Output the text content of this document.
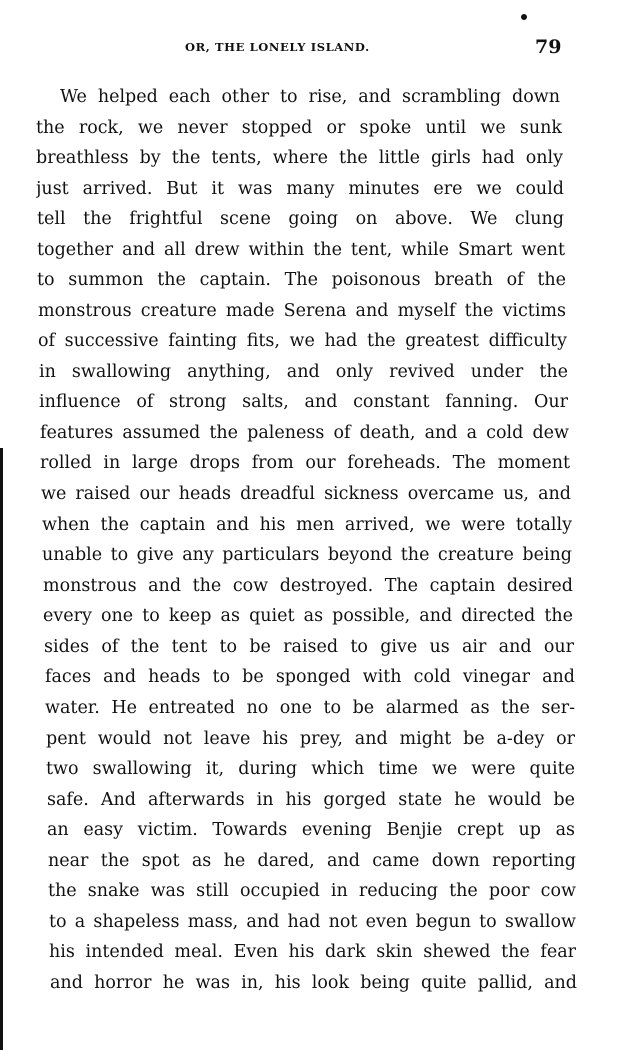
OR, THE LONELY ISLAND.	79
We helped each other to rise, and scrambling down
the rock, we never stopped or spoke until we sunk
breathless by the tents, where the little girls had only
just arrived. But it was many minutes ere we could
tell the frightful scene going on above. We clung
together and all drew within the tent, while Smart went
to summon the captain. The poisonous breath of the
monstrous creature made Serena and myself the victims
of successive fainting fits, we had the greatest difficulty
in swallowing anything, and only revived under the
influence of strong salts, and constant fanning. Our
features assumed the paleness of death, and a cold dew
rolled in large drops from our foreheads. The moment
we raised our heads dreadful sickness overcame us, and
when the captain and his men arrived, we were totally
unable to give any particulars beyond the creature being
monstrous and the cow destroyed. The captain desired
every one to keep as quiet as possible, and directed the
sides of the tent to be raised to give us air and our
faces and heads to be sponged with cold vinegar and
water. He entreated no one to be alarmed as the ser-
pent would not leave his prey, and might be a-dey or
two swallowing it, during which time we were quite
safe. And afterwards in his gorged state he would be
an easy victim. Towards evening Benjie crept up as
near the spot as he dared, and came down reporting
the snake was still occupied in reducing the poor cow
to a shapeless mass, and had not even begun to swallow
his intended meal. Even his dark skin shewed the fear
and horror he was in, his look being quite pallid, and
